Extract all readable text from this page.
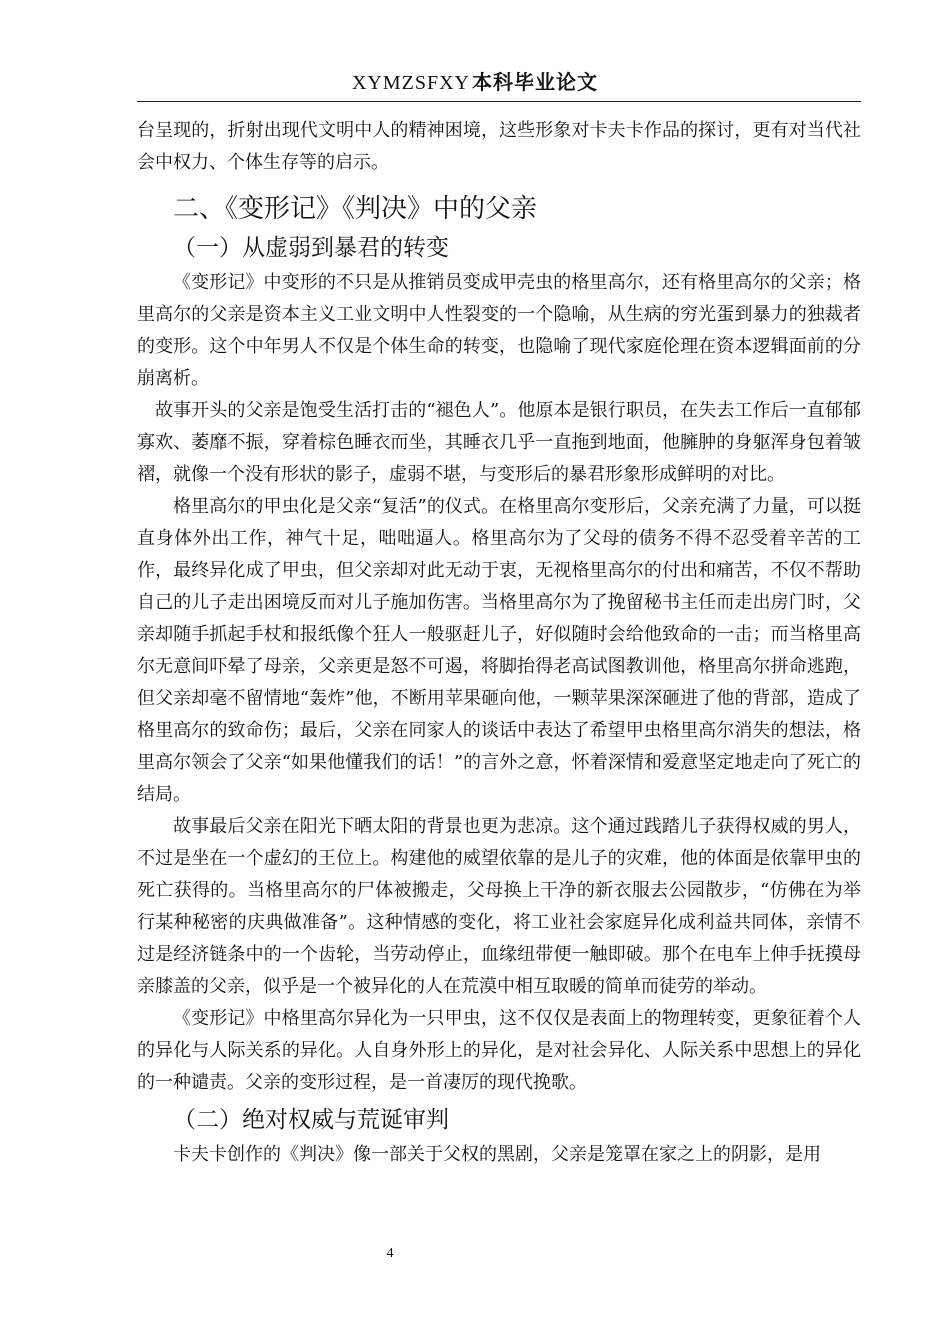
XYMZSFXY 本科毕业论文

台呈现的，折射出现代文明中人的精神困境，这些形象对卡夫卡作品的探讨，更有对当代社会中权力、个体生存等的启示。

二、《变形记》《判决》中的父亲
（一）从虚弱到暴君的转变

《变形记》中变形的不只是从推销员变成甲壳虫的格里高尔，还有格里高尔的父亲；格里高尔的父亲是资本主义工业文明中人性裂变的一个隐喻，从生病的穷光蛋到暴力的独裁者的变形。这个中年男人不仅是个体生命的转变，也隐喻了现代家庭伦理在资本逻辑面前的分崩离析。

故事开头的父亲是饱受生活打击的“褪色人”。他原本是银行职员，在失去工作后一直郁郁寡欢、萎靡不振，穿着棕色睡衣而坐，其睡衣几乎一直拖到地面，他臃肿的身躯浑身包着皱褶，就像一个没有形状的影子，虚弱不堪，与变形后的暴君形象形成鲜明的对比。

格里高尔的甲虫化是父亲“复活”的仪式。在格里高尔变形后，父亲充满了力量，可以挺直身体外出工作，神气十足，咄咄逼人。格里高尔为了父母的债务不得不忍受着辛苦的工作，最终异化成了甲虫，但父亲却对此无动于衷，无视格里高尔的付出和痛苦，不仅不帮助自己的儿子走出困境反而对儿子施加伤害。当格里高尔为了挽留秘书主任而走出房门时，父亲却随手抓起手杖和报纸像个狂人一般驱赶儿子，好似随时会给他致命的一击；而当格里高尔无意间吓晕了母亲，父亲更是怒不可遏，将脚抬得老高试图教训他，格里高尔拼命逃跑，但父亲却毫不留情地“轰炸”他，不断用苹果砸向他，一颗苹果深深砸进了他的背部，造成了格里高尔的致命伤；最后，父亲在同家人的谈话中表达了希望甲虫格里高尔消失的想法，格里高尔领会了父亲“如果他懂我们的话！”的言外之意，怀着深情和爱意坚定地走向了死亡的结局。

故事最后父亲在阳光下晒太阳的背景也更为悲凉。这个通过践踏儿子获得权威的男人，不过是坐在一个虚幻的王位上。构建他的威望依靠的是儿子的灾难，他的体面是依靠甲虫的死亡获得的。当格里高尔的尸体被搬走，父母换上干净的新衣服去公园散步，“仿佛在为举行某种秘密的庆典做准备”。这种情感的变化，将工业社会家庭异化成利益共同体，亲情不过是经济链条中的一个齿轮，当劳动停止，血缘纽带便一触即破。那个在电车上伸手抚摸母亲膝盖的父亲，似乎是一个被异化的人在荒漠中相互取暖的简单而徒劳的举动。

《变形记》中格里高尔异化为一只甲虫，这不仅仅是表面上的物理转变，更象征着个人的异化与人际关系的异化。人自身外形上的异化，是对社会异化、人际关系中思想上的异化的一种谴责。父亲的变形过程，是一首凄厉的现代挽歌。

（二）绝对权威与荒诞审判

卡夫卡创作的《判决》像一部关于父权的黑剧，父亲是笼罩在家之上的阴影，是用

4
